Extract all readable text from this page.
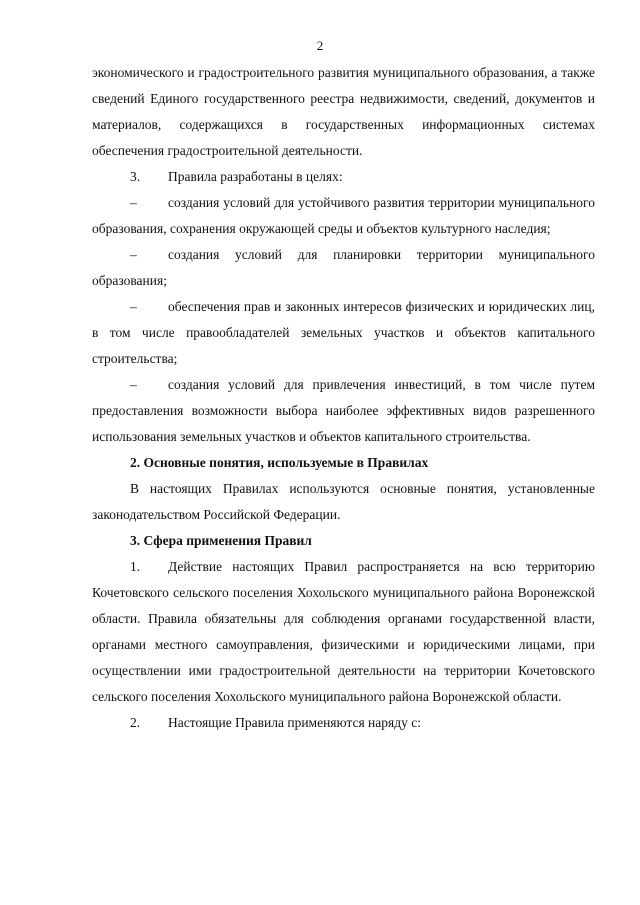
2

экономического и градостроительного развития муниципального образования, а также сведений Единого государственного реестра недвижимости, сведений, документов и материалов, содержащихся в государственных информационных системах обеспечения градостроительной деятельности.

3. Правила разработаны в целях:

– создания условий для устойчивого развития территории муниципального образования, сохранения окружающей среды и объектов культурного наследия;

– создания условий для планировки территории муниципального образования;

– обеспечения прав и законных интересов физических и юридических лиц, в том числе правообладателей земельных участков и объектов капитального строительства;

– создания условий для привлечения инвестиций, в том числе путем предоставления возможности выбора наиболее эффективных видов разрешенного использования земельных участков и объектов капитального строительства.

2. Основные понятия, используемые в Правилах

В настоящих Правилах используются основные понятия, установленные законодательством Российской Федерации.

3. Сфера применения Правил

1. Действие настоящих Правил распространяется на всю территорию Кочетовского сельского поселения Хохольского муниципального района Воронежской области. Правила обязательны для соблюдения органами государственной власти, органами местного самоуправления, физическими и юридическими лицами, при осуществлении ими градостроительной деятельности на территории Кочетовского сельского поселения Хохольского муниципального района Воронежской области.

2. Настоящие Правила применяются наряду с:
